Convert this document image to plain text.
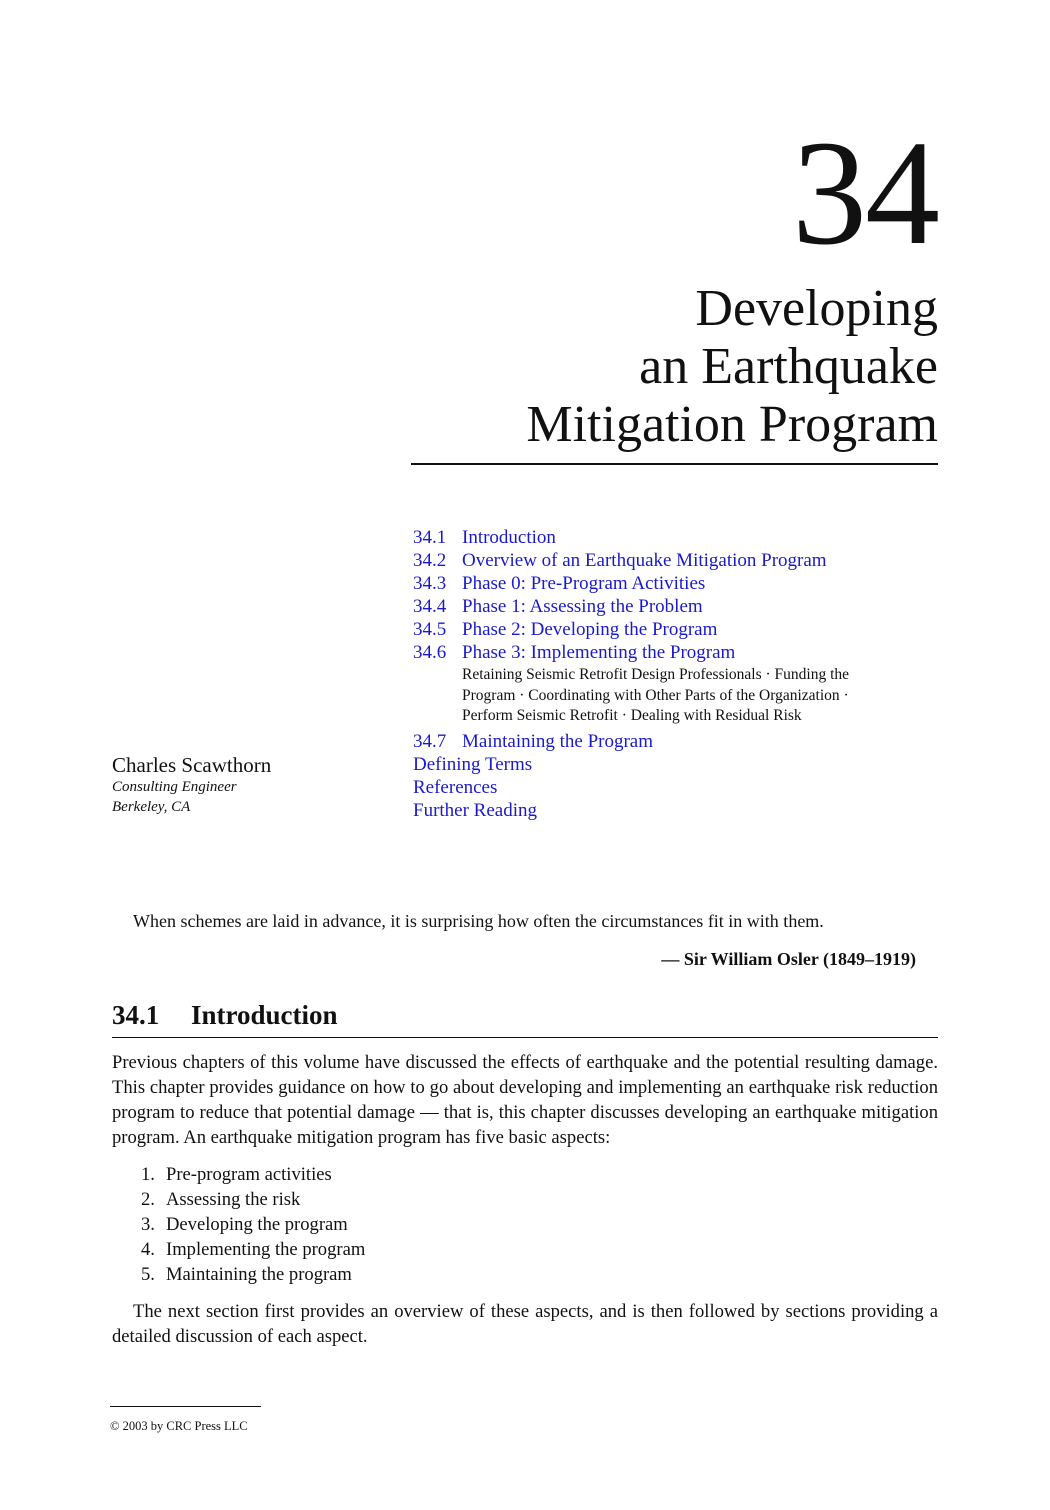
34
Developing
an Earthquake
Mitigation Program
34.1 Introduction
34.2 Overview of an Earthquake Mitigation Program
34.3 Phase 0: Pre-Program Activities
34.4 Phase 1: Assessing the Problem
34.5 Phase 2: Developing the Program
34.6 Phase 3: Implementing the Program
Retaining Seismic Retrofit Design Professionals · Funding the Program · Coordinating with Other Parts of the Organization · Perform Seismic Retrofit · Dealing with Residual Risk
34.7 Maintaining the Program
Defining Terms
References
Further Reading
Charles Scawthorn
Consulting Engineer
Berkeley, CA
When schemes are laid in advance, it is surprising how often the circumstances fit in with them.
— Sir William Osler (1849–1919)
34.1	Introduction
Previous chapters of this volume have discussed the effects of earthquake and the potential resulting damage. This chapter provides guidance on how to go about developing and implementing an earthquake risk reduction program to reduce that potential damage — that is, this chapter discusses developing an earthquake mitigation program. An earthquake mitigation program has five basic aspects:
1. Pre-program activities
2. Assessing the risk
3. Developing the program
4. Implementing the program
5. Maintaining the program
The next section first provides an overview of these aspects, and is then followed by sections providing a detailed discussion of each aspect.
© 2003 by CRC Press LLC
